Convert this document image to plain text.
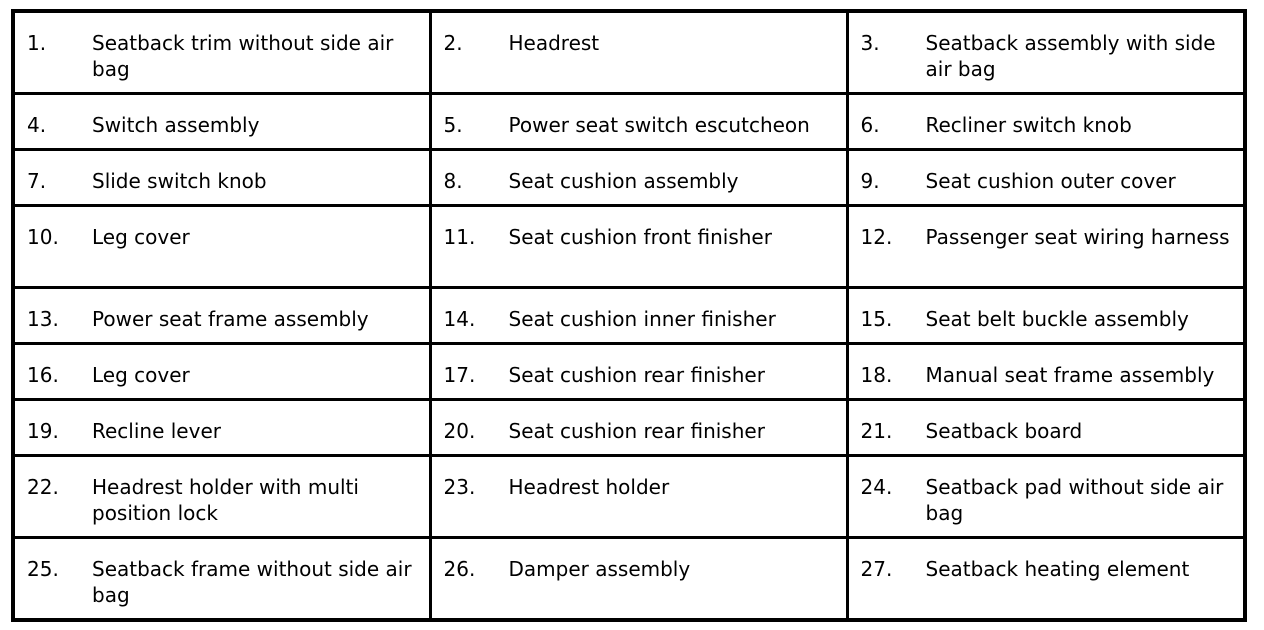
1. Seatback trim without side air bag	2. Headrest	3. Seatback assembly with side air bag

4. Switch assembly	5. Power seat switch escutcheon	6. Recliner switch knob

7. Slide switch knob	8. Seat cushion assembly	9. Seat cushion outer cover

10. Leg cover	11. Seat cushion front finisher	12. Passenger seat wiring harness

13. Power seat frame assembly	14. Seat cushion inner finisher	15. Seat belt buckle assembly

16. Leg cover	17. Seat cushion rear finisher	18. Manual seat frame assembly

19. Recline lever	20. Seat cushion rear finisher	21. Seatback board

22. Headrest holder with multi position lock	23. Headrest holder	24. Seatback pad without side air bag

25. Seatback frame without side air bag	26. Damper assembly	27. Seatback heating element
